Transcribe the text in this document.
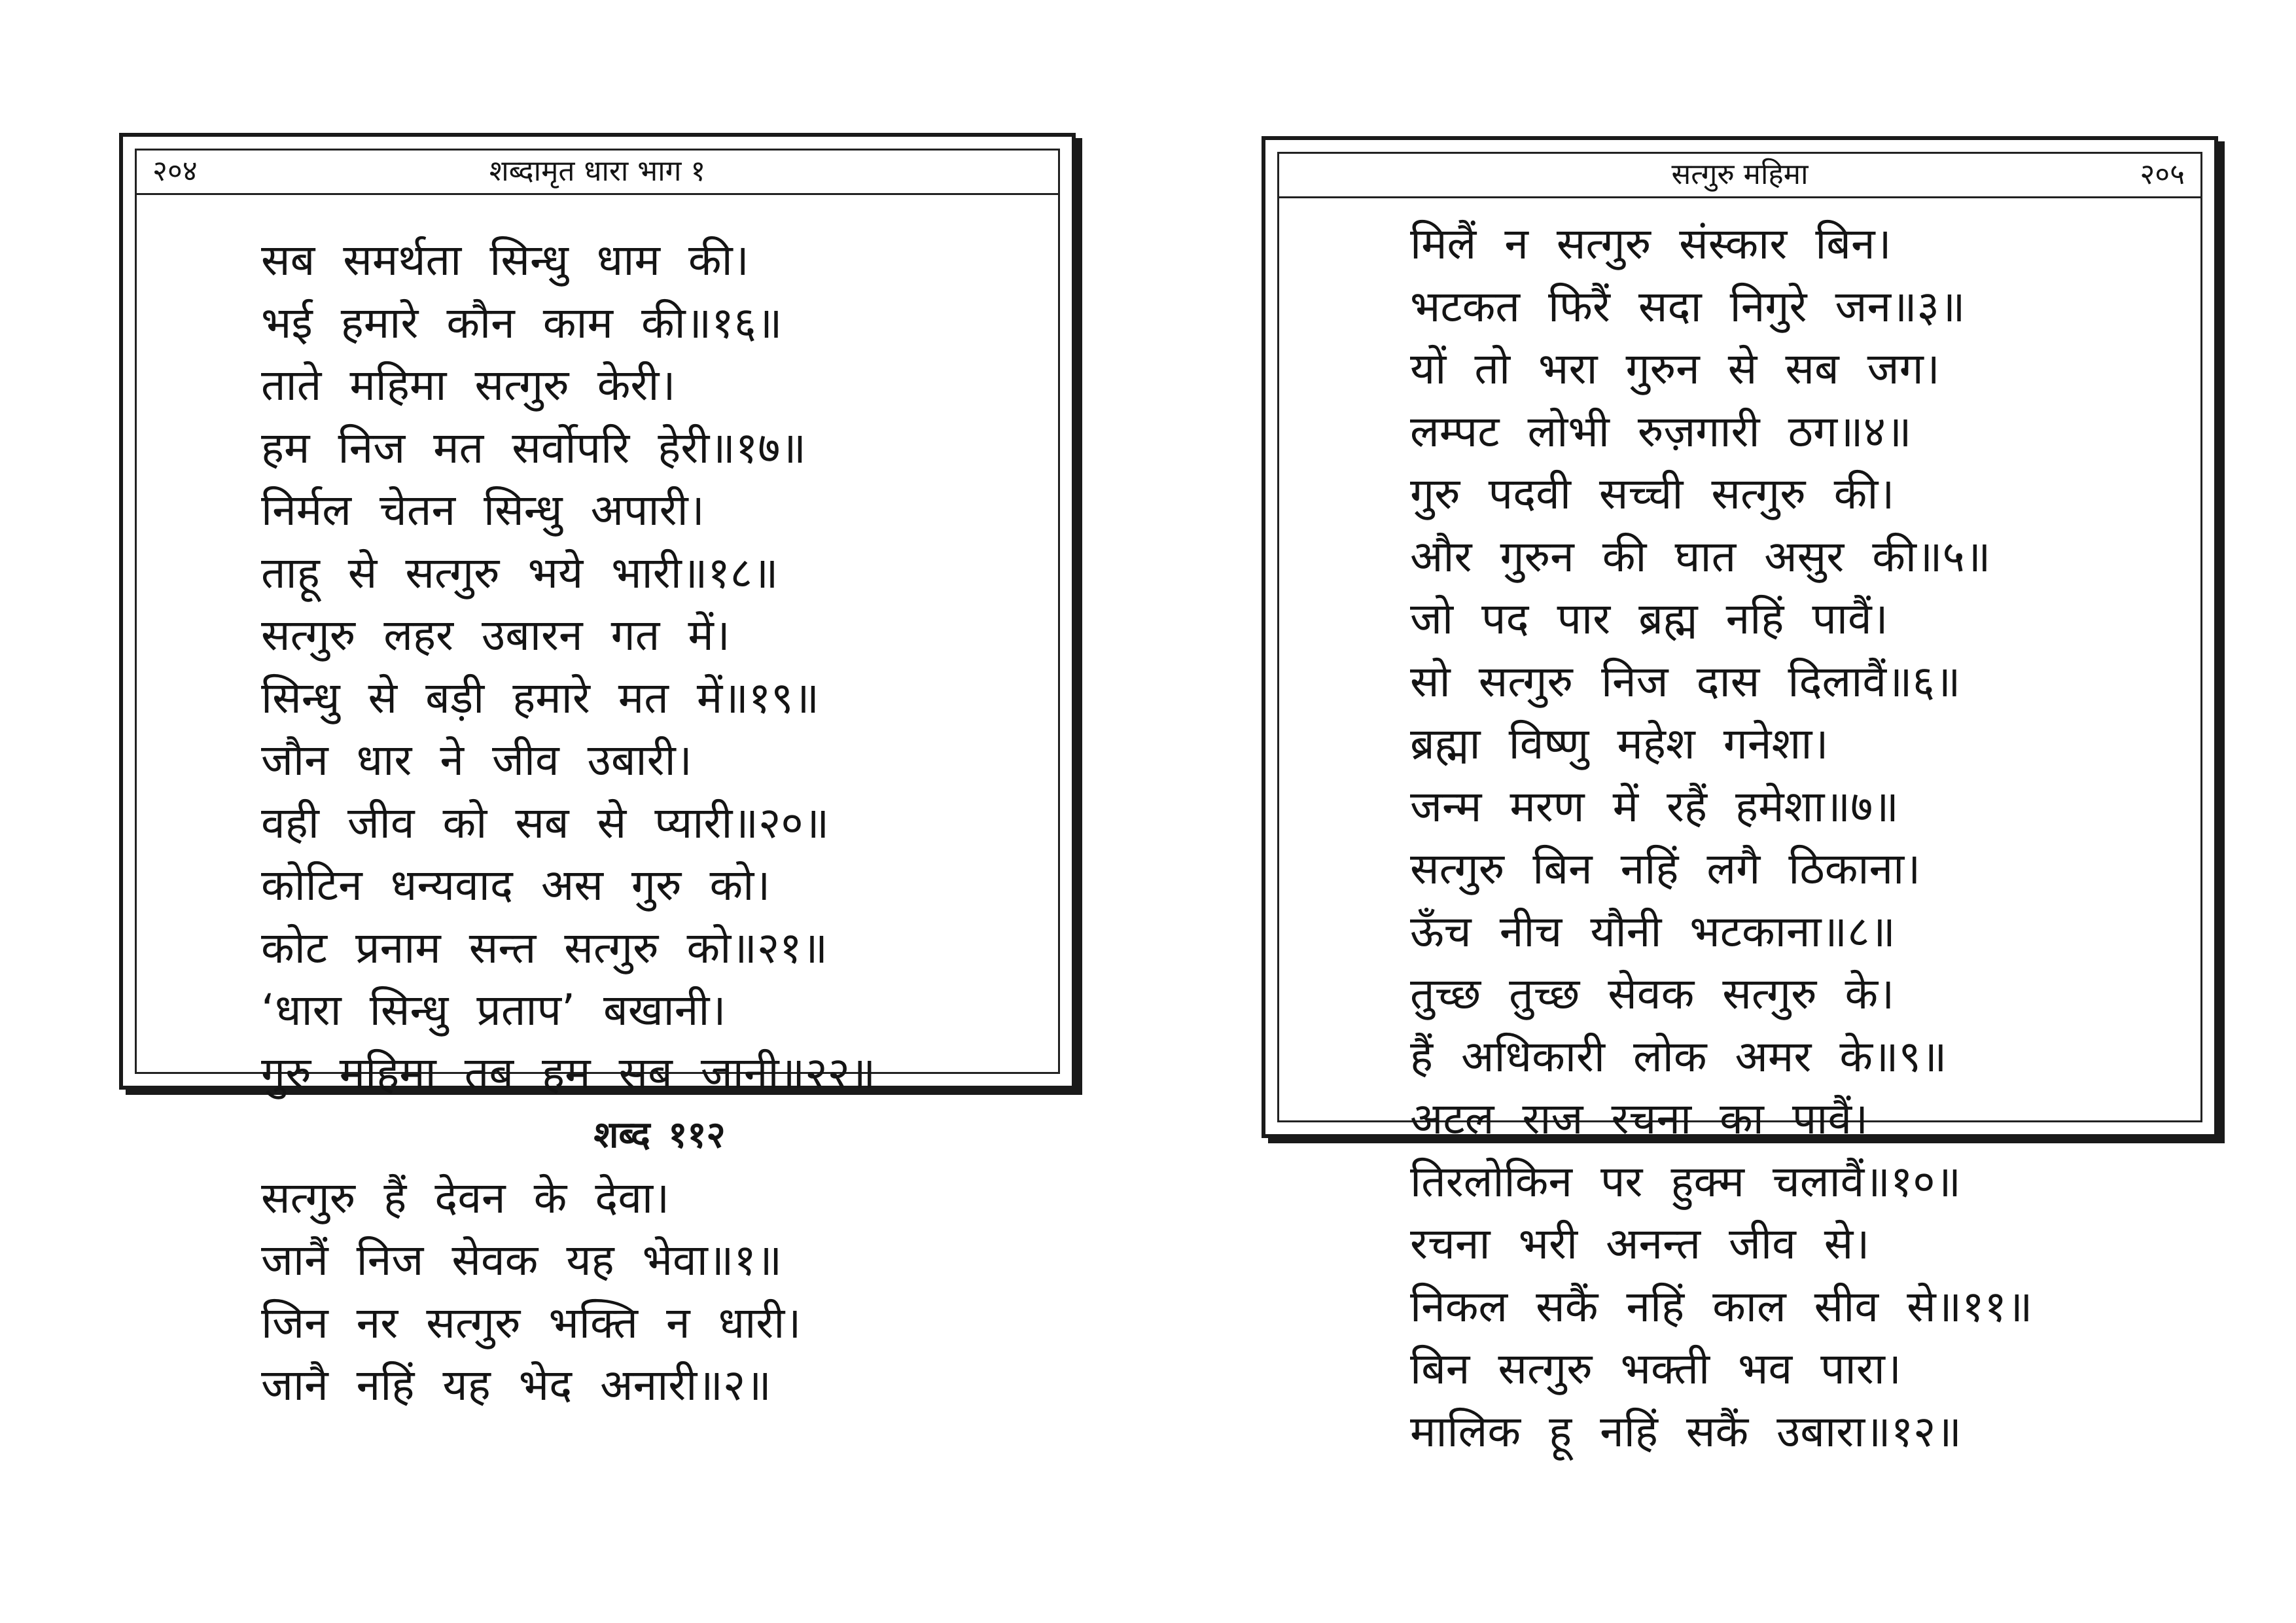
२०४	शब्दामृत धारा भाग १
सब समर्थता सिन्धु धाम की।
भई हमारे कौन काम की॥१६॥
ताते महिमा सत्गुरु केरी।
हम निज मत सर्वोपरि हेरी॥१७॥
निर्मल चेतन सिन्धु अपारी।
ताहू से सत्गुरु भये भारी॥१८॥
सत्गुरु लहर उबारन गत में।
सिन्धु से बड़ी हमारे मत में॥१९॥
जौन धार ने जीव उबारी।
वही जीव को सब से प्यारी॥२०॥
कोटिन धन्यवाद अस गुरु को।
कोट प्रनाम सन्त सत्गुरु को॥२१॥
‘धारा सिन्धु प्रताप’ बखानी।
गुरु महिमा तब हम सब जानी॥२२॥
शब्द ११२
सत्गुरु हैं देवन के देवा।
जानैं निज सेवक यह भेवा॥१॥
जिन नर सत्गुरु भक्ति न धारी।
जानै नहिं यह भेद अनारी॥२॥
सत्गुरु महिमा	२०५
मिलैं न सत्गुरु संस्कार बिन।
भटकत फिरैं सदा निगुरे जन॥३॥
यों तो भरा गुरुन से सब जग।
लम्पट लोभी रुज़गारी ठग॥४॥
गुरु पदवी सच्ची सत्गुरु की।
और गुरुन की घात असुर की॥५॥
जो पद पार ब्रह्म नहिं पावैं।
सो सत्गुरु निज दास दिलावैं॥६॥
ब्रह्मा विष्णु महेश गनेशा।
जन्म मरण में रहैं हमेशा॥७॥
सत्गुरु बिन नहिं लगै ठिकाना।
ऊँच नीच यौनी भटकाना॥८॥
तुच्छ तुच्छ सेवक सत्गुरु के।
हैं अधिकारी लोक अमर के॥९॥
अटल राज रचना का पावैं।
तिरलोकिन पर हुक्म चलावैं॥१०॥
रचना भरी अनन्त जीव से।
निकल सकैं नहिं काल सीव से॥११॥
बिन सत्गुरु भक्ती भव पारा।
मालिक हू नहिं सकैं उबारा॥१२॥
